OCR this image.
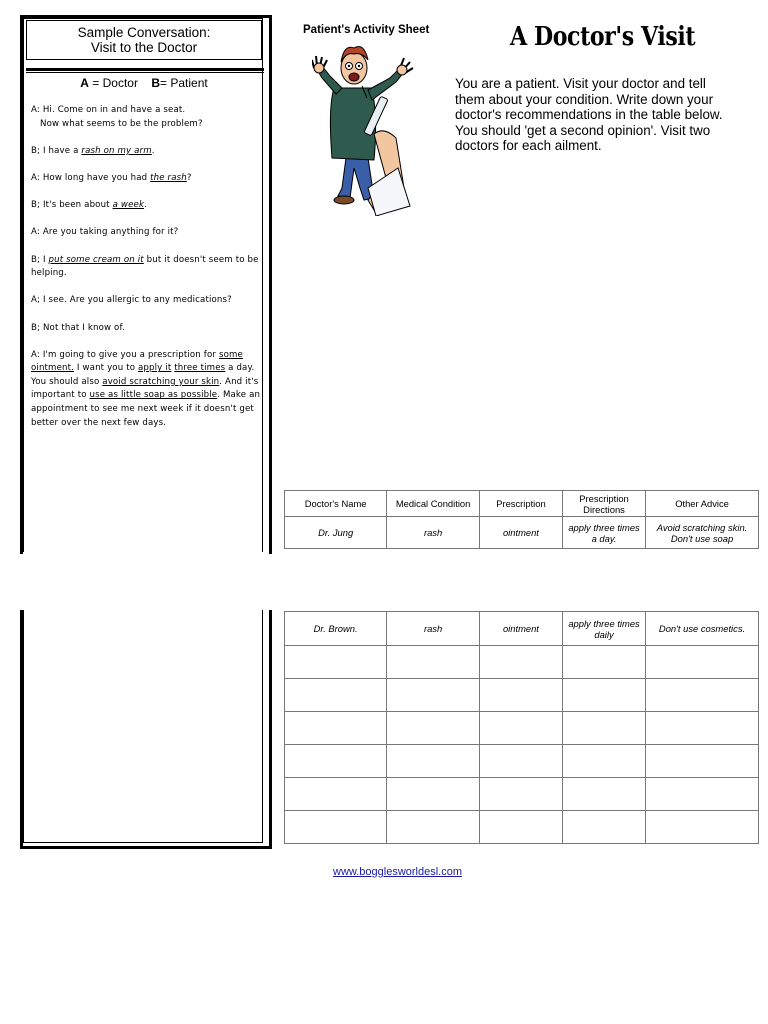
Sample Conversation:
Visit to the Doctor
A = Doctor B= Patient
A: Hi. Come on in and have a seat.
Now what seems to be the problem?
B; I have a rash on my arm.
A: How long have you had the rash?
B; It's been about a week.
A: Are you taking anything for it?
B; I put some cream on it but it doesn't seem to be helping.
A; I see. Are you allergic to any medications?
B; Not that I know of.
A: I'm going to give you a prescription for some ointment. I want you to apply it three times a day. You should also avoid scratching your skin. And it's important to use as little soap as possible. Make an appointment to see me next week if it doesn't get better over the next few days.
Patient's Activity Sheet	A Doctor's Visit
You are a patient. Visit your doctor and tell them about your condition. Write down your doctor's recommendations in the table below. You should 'get a second opinion'. Visit two doctors for each ailment.
Doctor's Name	Medical Condition	Prescription	Prescription Directions	Other Advice
Dr. Jung	rash	ointment	apply three times a day.	Avoid scratching skin. Don't use soap
Dr. Brown.	rash	ointment	apply three times daily	Don't use cosmetics.

www.bogglesworldesl.com
